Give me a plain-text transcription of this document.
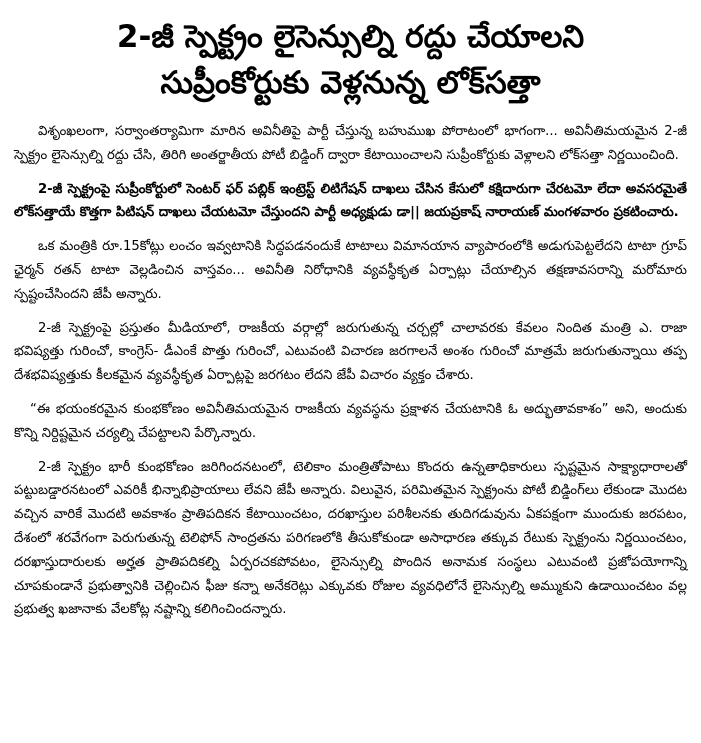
2-జీ స్పెక్ట్రం లైసెన్సుల్ని రద్దు చేయాలని
సుప్రీంకోర్టుకు వెళ్లనున్న లోక్‌సత్తా

విశృంఖలంగా, సర్వాంతర్యామిగా మారిన అవినీతిపై పార్టీ చేస్తున్న బహుముఖ పోరాటంలో భాగంగా... అవినీతిమయమైన 2-జీ స్పెక్ట్రం లైసెన్సుల్ని రద్దు చేసి, తిరిగి అంతర్జాతీయ పోటీ బిడ్డింగ్ ద్వారా కేటాయించాలని సుప్రీంకోర్టుకు వెళ్లాలని లోక్‌సత్తా నిర్ణయించింది.

2-జీ స్పెక్ట్రంపై సుప్రీంకోర్టులో సెంటర్ ఫర్ పబ్లిక్ ఇంట్రెస్ట్ లిటిగేషన్ దాఖలు చేసిన కేసులో కక్షిదారుగా చేరటమో లేదా అవసరమైతే లోక్‌సత్తాయే కొత్తగా పిటిషన్ దాఖలు చేయటమో చేస్తుందని పార్టీ అధ్యక్షుడు డా|| జయప్రకాష్ నారాయణ్ మంగళవారం ప్రకటించారు.

ఒక మంత్రికి రూ.15కోట్లు లంచం ఇవ్వటానికి సిద్ధపడనందుకే టాటాలు విమానయాన వ్యాపారంలోకి అడుగుపెట్టలేదని టాటా గ్రూప్ ఛైర్మన్ రతన్ టాటా వెల్లడించిన వాస్తవం... అవినీతి నిరోధానికి వ్యవస్థీకృత ఏర్పాట్లు చేయాల్సిన తక్షణావసరాన్ని మరోమారు స్పష్టంచేసిందని జేపీ అన్నారు.

2-జీ స్పెక్ట్రంపై ప్రస్తుతం మీడియాలో, రాజకీయ వర్గాల్లో జరుగుతున్న చర్చల్లో చాలావరకు కేవలం నిందిత మంత్రి ఎ. రాజా భవిష్యత్తు గురించో, కాంగ్రెస్- డీఎంకే పొత్తు గురించో, ఎటువంటి విచారణ జరగాలనే అంశం గురించో మాత్రమే జరుగుతున్నాయి తప్ప దేశభవిష్యత్తుకు కీలకమైన వ్యవస్థీకృత ఏర్పాట్లపై జరగటం లేదని జేపీ విచారం వ్యక్తం చేశారు.

“ఈ భయంకరమైన కుంభకోణం అవినీతిమయమైన రాజకీయ వ్యవస్థను ప్రక్షాళన చేయటానికి ఓ అద్భుతావకాశం” అని, అందుకు కొన్ని నిర్దిష్టమైన చర్యల్ని చేపట్టాలని పేర్కొన్నారు.

2-జీ స్పెక్ట్రం భారీ కుంభకోణం జరిగిందనటంలో, టెలికాం మంత్రితోపాటు కొందరు ఉన్నతాధికారులు స్పష్టమైన సాక్ష్యాధారాలతో పట్టుబడ్డారనటంలో ఎవరికీ భిన్నాభిప్రాయాలు లేవని జేపీ అన్నారు. విలువైన, పరిమితమైన స్పెక్ట్రంను పోటీ బిడ్డింగ్‌లు లేకుండా మొదట వచ్చిన వారికే మొదటి అవకాశం ప్రాతిపదికన కేటాయించటం, దరఖాస్తుల పరిశీలనకు తుదిగడువును ఏకపక్షంగా ముందుకు జరపటం, దేశంలో శరవేగంగా పెరుగుతున్న టెలిఫోన్ సాంద్రతను పరిగణలోకి తీసుకోకుండా అసాధారణ తక్కువ రేటుకు స్పెక్ట్రంను నిర్ణయించటం, దరఖాస్తుదారులకు అర్హత ప్రాతిపదికల్ని ఏర్పరచకపోవటం, లైసెన్సుల్ని పొందిన అనామక సంస్థలు ఎటువంటి ప్రజోపయోగాన్ని చూపకుండానే ప్రభుత్వానికి చెల్లించిన ఫీజు కన్నా అనేకరెట్లు ఎక్కువకు రోజుల వ్యవధిలోనే లైసెన్సుల్ని అమ్ముకుని ఉడాయించటం వల్ల ప్రభుత్వ ఖజానాకు వేలకోట్ల నష్టాన్ని కలిగించిందన్నారు.
